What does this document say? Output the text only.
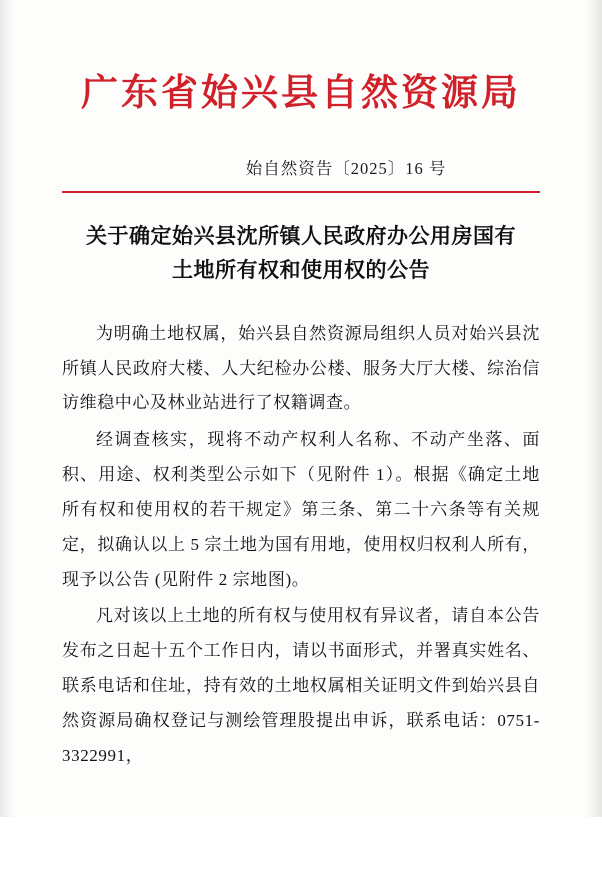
广东省始兴县自然资源局
始自然资告〔2025〕16 号
关于确定始兴县沈所镇人民政府办公用房国有
土地所有权和使用权的公告

为明确土地权属，始兴县自然资源局组织人员对始兴县沈所镇人民政府大楼、人大纪检办公楼、服务大厅大楼、综治信访维稳中心及林业站进行了权籍调查。

经调查核实，现将不动产权利人名称、不动产坐落、面积、用途、权利类型公示如下（见附件 1）。根据《确定土地所有权和使用权的若干规定》第三条、第二十六条等有关规定，拟确认以上 5 宗土地为国有用地，使用权归权利人所有，现予以公告 (见附件 2 宗地图)。

凡对该以上土地的所有权与使用权有异议者，请自本公告发布之日起十五个工作日内，请以书面形式，并署真实姓名、联系电话和住址，持有效的土地权属相关证明文件到始兴县自然资源局确权登记与测绘管理股提出申诉，联系电话：0751-3322991，
